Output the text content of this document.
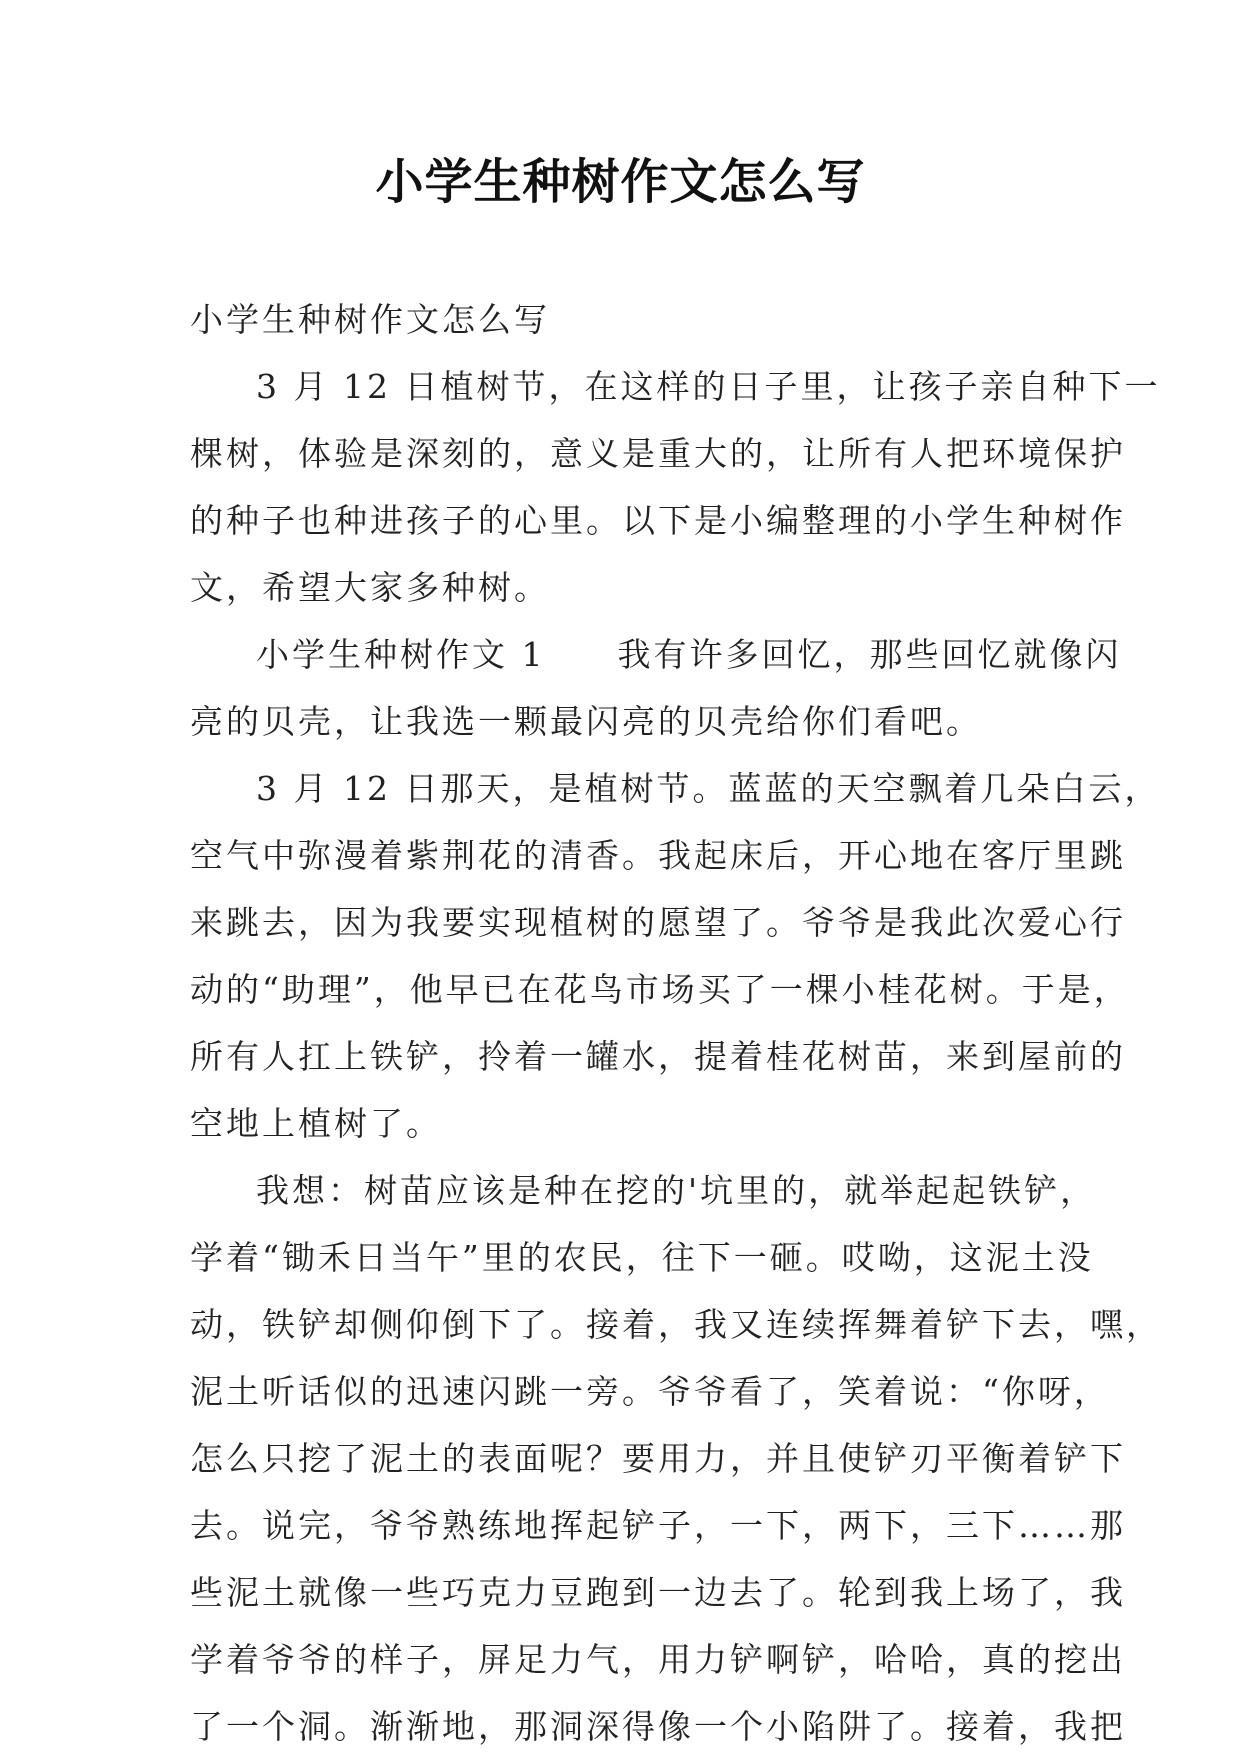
小学生种树作文怎么写
小学生种树作文怎么写
3 月 12 日植树节，在这样的日子里，让孩子亲自种下一
棵树，体验是深刻的，意义是重大的，让所有人把环境保护
的种子也种进孩子的心里。以下是小编整理的小学生种树作
文，希望大家多种树。
小学生种树作文 1　　我有许多回忆，那些回忆就像闪
亮的贝壳，让我选一颗最闪亮的贝壳给你们看吧。
3 月 12 日那天，是植树节。蓝蓝的天空飘着几朵白云，
空气中弥漫着紫荆花的清香。我起床后，开心地在客厅里跳
来跳去，因为我要实现植树的愿望了。爷爷是我此次爱心行
动的“助理”，他早已在花鸟市场买了一棵小桂花树。于是，
所有人扛上铁铲，拎着一罐水，提着桂花树苗，来到屋前的
空地上植树了。
我想：树苗应该是种在挖的'坑里的，就举起起铁铲，
学着“锄禾日当午”里的农民，往下一砸。哎呦，这泥土没
动，铁铲却侧仰倒下了。接着，我又连续挥舞着铲下去，嘿，
泥土听话似的迅速闪跳一旁。爷爷看了，笑着说：“你呀，
怎么只挖了泥土的表面呢？要用力，并且使铲刃平衡着铲下
去。说完，爷爷熟练地挥起铲子，一下，两下，三下……那
些泥土就像一些巧克力豆跑到一边去了。轮到我上场了，我
学着爷爷的样子，屏足力气，用力铲啊铲，哈哈，真的挖出
了一个洞。渐渐地，那洞深得像一个小陷阱了。接着，我把
